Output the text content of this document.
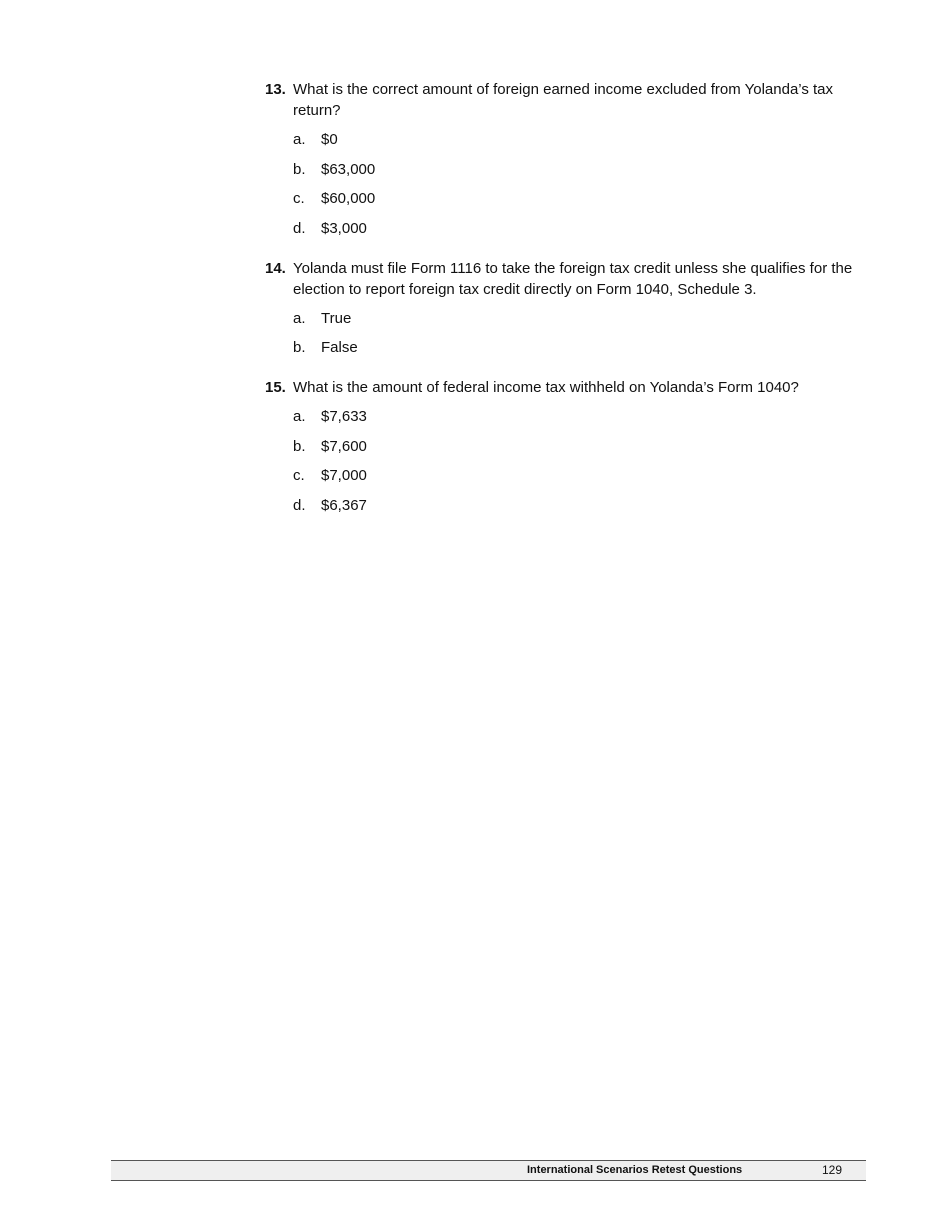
13. What is the correct amount of foreign earned income excluded from Yolanda’s tax return?

a. $0
b. $63,000
c. $60,000
d. $3,000
14. Yolanda must file Form 1116 to take the foreign tax credit unless she qualifies for the election to report foreign tax credit directly on Form 1040, Schedule 3.

a. True
b. False
15. What is the amount of federal income tax withheld on Yolanda’s Form 1040?

a. $7,633
b. $7,600
c. $7,000
d. $6,367
International Scenarios Retest Questions	129
